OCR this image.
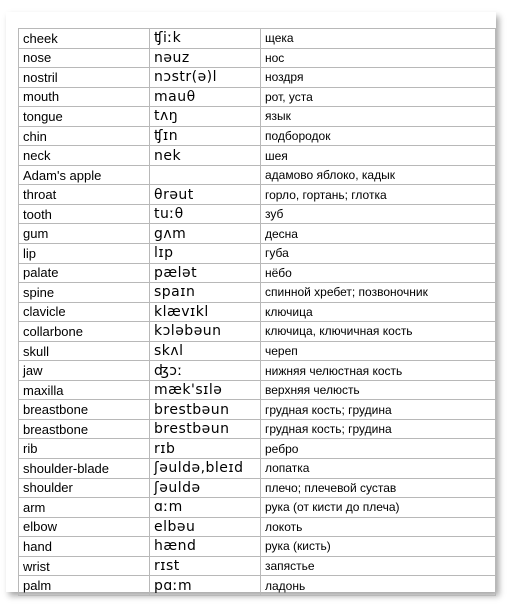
cheek	ʧiːk	щека
nose	nəuz	нос
nostril	nɔstr(ə)l	ноздря
mouth	mauθ	рот, уста
tongue	tʌŋ	язык
chin	ʧɪn	подбородок
neck	nek	шея
Adam's apple		адамово яблоко, кадык
throat	θrəut	горло, гортань; глотка
tooth	tuːθ	зуб
gum	gʌm	десна
lip	lɪp	губа
palate	pælət	нёбо
spine	spaɪn	спинной хребет; позвоночник
clavicle	klævɪkl	ключица
collarbone	kɔləbəun	ключица, ключичная кость
skull	skʌl	череп
jaw	ʤɔː	нижняя челюстная кость
maxilla	mæk'sɪlə	верхняя челюсть
breastbone	brestbəun	грудная кость; грудина
breastbone	brestbəun	грудная кость; грудина
rib	rɪb	ребро
shoulder-blade	ʃəuldə,bleɪd	лопатка
shoulder	ʃəuldə	плечо; плечевой сустав
arm	ɑːm	рука (от кисти до плеча)
elbow	elbəu	локоть
hand	hænd	рука (кисть)
wrist	rɪst	запястье
palm	pɑːm	ладонь
